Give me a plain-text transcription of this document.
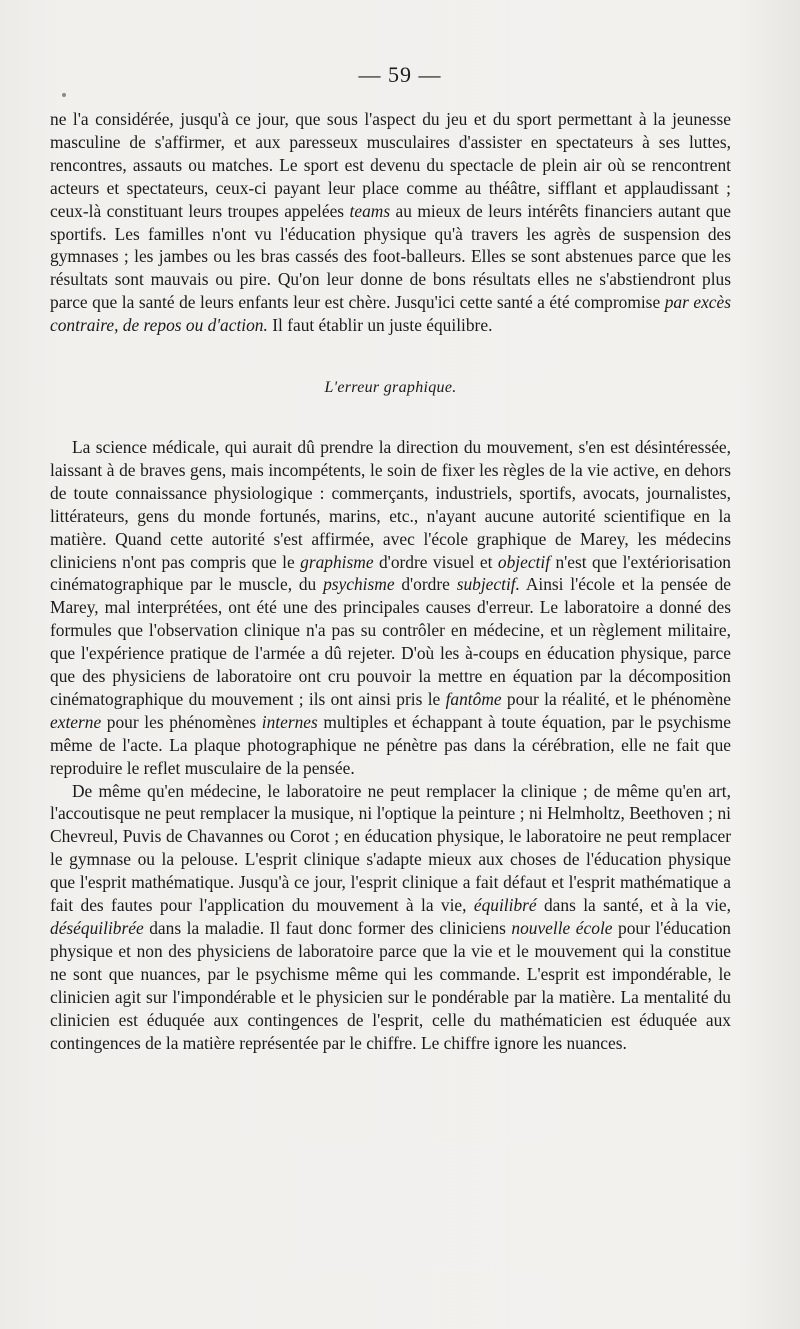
— 59 —

ne l'a considérée, jusqu'à ce jour, que sous l'aspect du jeu et du sport permettant à la jeunesse masculine de s'affirmer, et aux paresseux musculaires d'assister en spectateurs à ses luttes, rencontres, assauts ou matches. Le sport est devenu du spectacle de plein air où se rencontrent acteurs et spectateurs, ceux-ci payant leur place comme au théâtre, sifflant et applaudissant ; ceux-là constituant leurs troupes appelées teams au mieux de leurs intérêts financiers autant que sportifs. Les familles n'ont vu l'éducation physique qu'à travers les agrès de suspension des gymnases ; les jambes ou les bras cassés des foot-balleurs. Elles se sont abstenues parce que les résultats sont mauvais ou pire. Qu'on leur donne de bons résultats elles ne s'abstiendront plus parce que la santé de leurs enfants leur est chère. Jusqu'ici cette santé a été compromise par excès contraire, de repos ou d'action. Il faut établir un juste équilibre.

L'erreur graphique.

La science médicale, qui aurait dû prendre la direction du mouvement, s'en est désintéressée, laissant à de braves gens, mais incompétents, le soin de fixer les règles de la vie active, en dehors de toute connaissance physiologique : commerçants, industriels, sportifs, avocats, journalistes, littérateurs, gens du monde fortunés, marins, etc., n'ayant aucune autorité scientifique en la matière. Quand cette autorité s'est affirmée, avec l'école graphique de Marey, les médecins cliniciens n'ont pas compris que le graphisme d'ordre visuel et objectif n'est que l'extériorisation cinématographique par le muscle, du psychisme d'ordre subjectif. Ainsi l'école et la pensée de Marey, mal interprétées, ont été une des principales causes d'erreur. Le laboratoire a donné des formules que l'observation clinique n'a pas su contrôler en médecine, et un règlement militaire, que l'expérience pratique de l'armée a dû rejeter. D'où les à-coups en éducation physique, parce que des physiciens de laboratoire ont cru pouvoir la mettre en équation par la décomposition cinématographique du mouvement ; ils ont ainsi pris le fantôme pour la réalité, et le phénomène externe pour les phénomènes internes multiples et échappant à toute équation, par le psychisme même de l'acte. La plaque photographique ne pénètre pas dans la cérébration, elle ne fait que reproduire le reflet musculaire de la pensée.

De même qu'en médecine, le laboratoire ne peut remplacer la clinique ; de même qu'en art, l'accoutisque ne peut remplacer la musique, ni l'optique la peinture ; ni Helmholtz, Beethoven ; ni Chevreul, Puvis de Chavannes ou Corot ; en éducation physique, le laboratoire ne peut remplacer le gymnase ou la pelouse. L'esprit clinique s'adapte mieux aux choses de l'éducation physique que l'esprit mathématique. Jusqu'à ce jour, l'esprit clinique a fait défaut et l'esprit mathématique a fait des fautes pour l'application du mouvement à la vie, équilibré dans la santé, et à la vie, déséquilibrée dans la maladie. Il faut donc former des cliniciens nouvelle école pour l'éducation physique et non des physiciens de laboratoire parce que la vie et le mouvement qui la constitue ne sont que nuances, par le psychisme même qui les commande. L'esprit est impondérable, le clinicien agit sur l'impondérable et le physicien sur le pondérable par la matière. La mentalité du clinicien est éduquée aux contingences de l'esprit, celle du mathématicien est éduquée aux contingences de la matière représentée par le chiffre. Le chiffre ignore les nuances.
